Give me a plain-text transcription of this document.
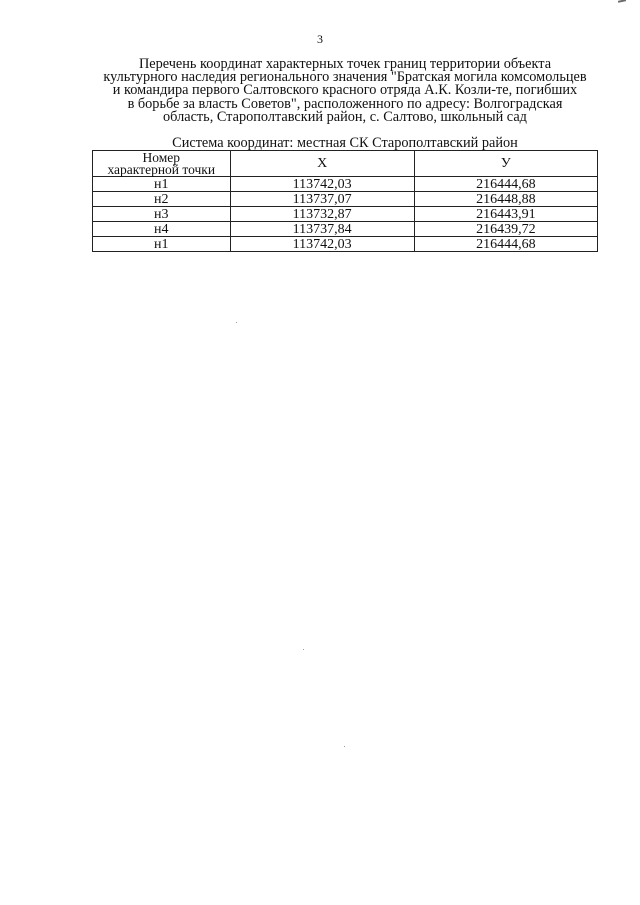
3
Перечень координат характерных точек границ территории объекта
культурного наследия регионального значения "Братская могила комсомольцев
и командира первого Салтовского красного отряда А.К. Козли-те, погибших
в борьбе за власть Советов", расположенного по адресу: Волгоградская
область, Старополтавский район, с. Салтово, школьный сад
Система координат: местная СК Старополтавский район
Номер
характерной точки	X	У
н1	113742,03	216444,68
н2	113737,07	216448,88
н3	113732,87	216443,91
н4	113737,84	216439,72
н1	113742,03	216444,68
